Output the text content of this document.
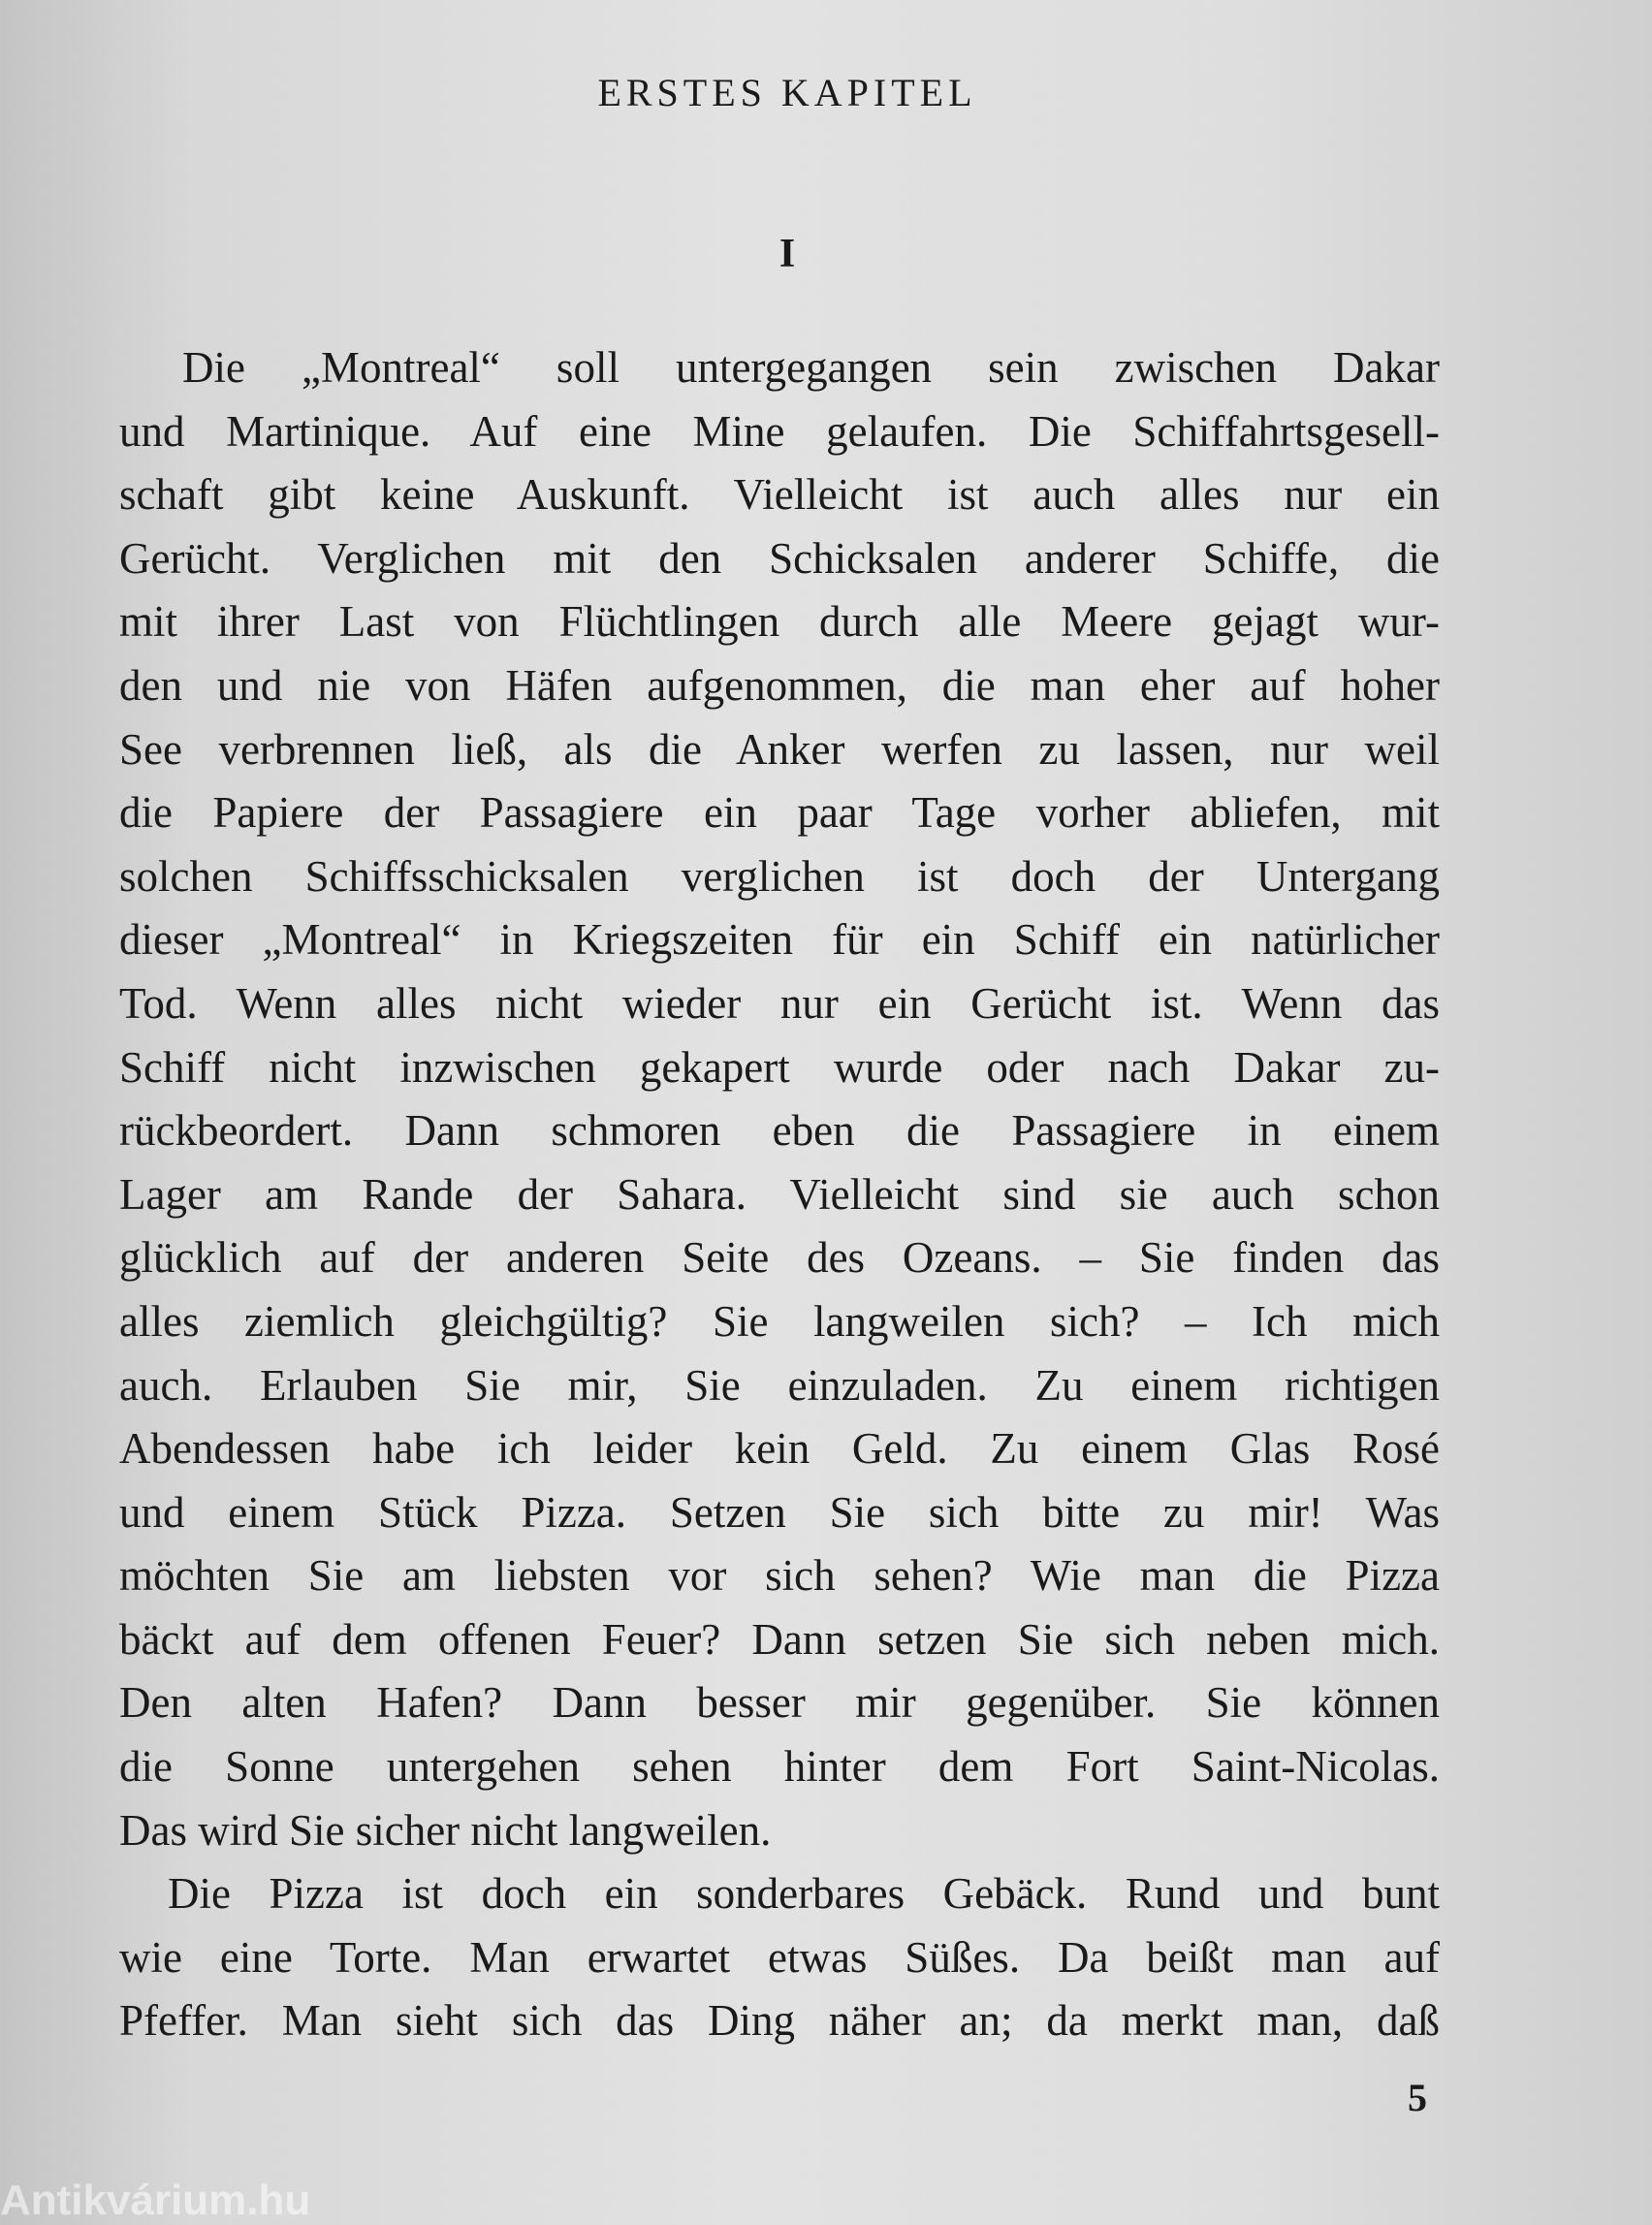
ERSTES KAPITEL
I
Die „Montreal“ soll untergegangen sein zwischen Dakar
und Martinique. Auf eine Mine gelaufen. Die Schiffahrtsgesell-
schaft gibt keine Auskunft. Vielleicht ist auch alles nur ein
Gerücht. Verglichen mit den Schicksalen anderer Schiffe, die
mit ihrer Last von Flüchtlingen durch alle Meere gejagt wur-
den und nie von Häfen aufgenommen, die man eher auf hoher
See verbrennen ließ, als die Anker werfen zu lassen, nur weil
die Papiere der Passagiere ein paar Tage vorher abliefen, mit
solchen Schiffsschicksalen verglichen ist doch der Untergang
dieser „Montreal“ in Kriegszeiten für ein Schiff ein natürlicher
Tod. Wenn alles nicht wieder nur ein Gerücht ist. Wenn das
Schiff nicht inzwischen gekapert wurde oder nach Dakar zu-
rückbeordert. Dann schmoren eben die Passagiere in einem
Lager am Rande der Sahara. Vielleicht sind sie auch schon
glücklich auf der anderen Seite des Ozeans. – Sie finden das
alles ziemlich gleichgültig? Sie langweilen sich? – Ich mich
auch. Erlauben Sie mir, Sie einzuladen. Zu einem richtigen
Abendessen habe ich leider kein Geld. Zu einem Glas Rosé
und einem Stück Pizza. Setzen Sie sich bitte zu mir! Was
möchten Sie am liebsten vor sich sehen? Wie man die Pizza
bäckt auf dem offenen Feuer? Dann setzen Sie sich neben mich.
Den alten Hafen? Dann besser mir gegenüber. Sie können
die Sonne untergehen sehen hinter dem Fort Saint-Nicolas.
Das wird Sie sicher nicht langweilen.
Die Pizza ist doch ein sonderbares Gebäck. Rund und bunt
wie eine Torte. Man erwartet etwas Süßes. Da beißt man auf
Pfeffer. Man sieht sich das Ding näher an; da merkt man, daß
5
Antikvárium.hu
